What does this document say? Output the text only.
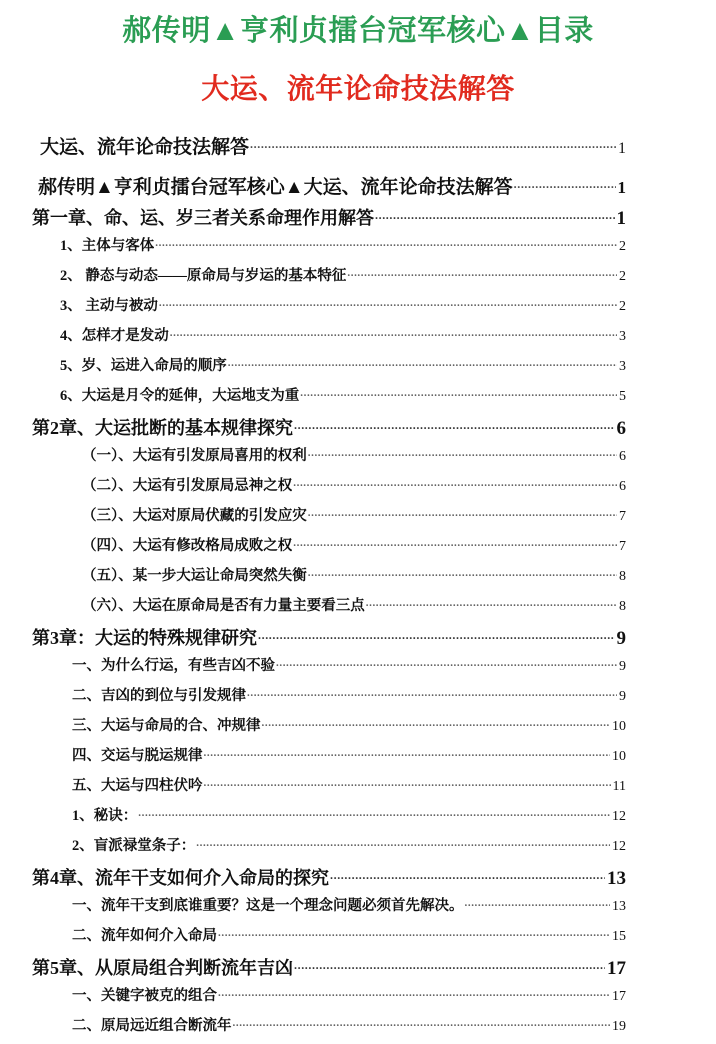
郝传明▲亨利贞擂台冠军核心▲目录
大运、流年论命技法解答
大运、流年论命技法解答 .....	1
郝传明▲亨利贞擂台冠军核心▲大运、流年论命技法解答 .....	1
第一章、命、运、岁三者关系命理作用解答 .....	1
1、主体与客体 .....	2
2、 静态与动态——原命局与岁运的基本特征 .....	2
3、 主动与被动 .....	2
4、怎样才是发动 .....	3
5、岁、运进入命局的顺序 .....	3
6、大运是月令的延伸，大运地支为重 .....	5
第2章、大运批断的基本规律探究 .....	6
（一）、大运有引发原局喜用的权利 .....	6
（二）、大运有引发原局忌神之权 .....	6
（三）、大运对原局伏藏的引发应灾 .....	7
（四）、大运有修改格局成败之权 .....	7
（五）、某一步大运让命局突然失衡 .....	8
（六）、大运在原命局是否有力量主要看三点 .....	8
第3章：大运的特殊规律研究 .....	9
一、为什么行运，有些吉凶不验 .....	9
二、吉凶的到位与引发规律 .....	9
三、大运与命局的合、冲规律 .....	10
四、交运与脱运规律 .....	10
五、大运与四柱伏吟 .....	11
1、秘诀： .....	12
2、盲派禄堂条子： .....	12
第4章、流年干支如何介入命局的探究 .....	13
一、流年干支到底谁重要？这是一个理念问题必须首先解决。 .....	13
二、流年如何介入命局 .....	15
第5章、从原局组合判断流年吉凶 .....	17
一、关键字被克的组合 .....	17
二、原局远近组合断流年 .....	19
